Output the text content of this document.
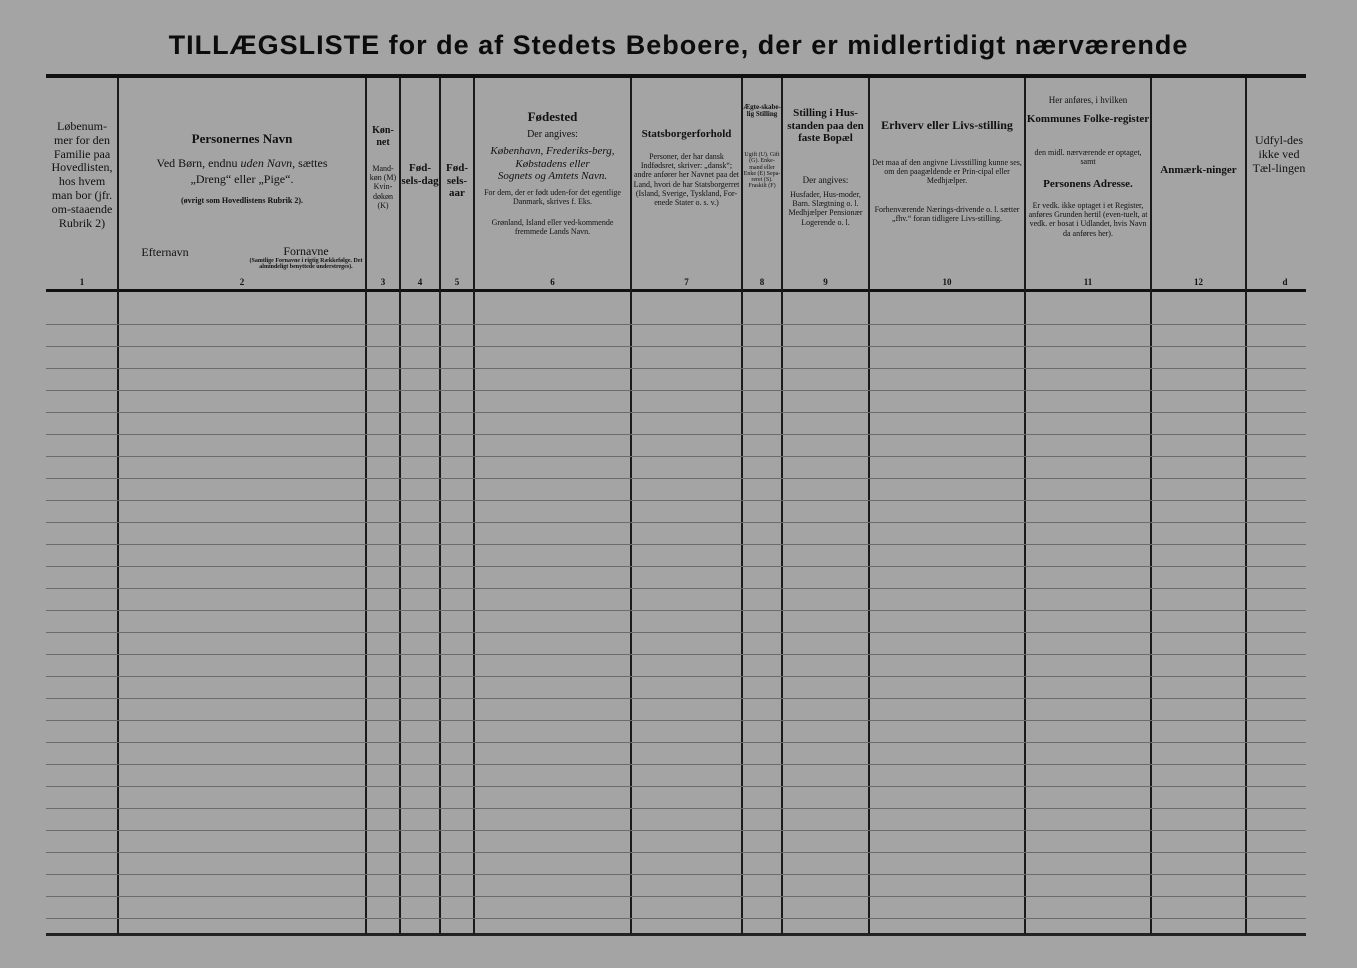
TILLÆGSLISTE for de af Stedets Beboere, der er midlertidigt nærværende
Løbenum-mer for den Familie paa Hovedlisten, hos hvem man bor (jfr. om-staaende Rubrik 2)
Personernes Navn
Ved Børn, endnu uden Navn, sættes
„Dreng“ eller „Pige“.
(øvrigt som Hovedlistens Rubrik 2).
Efternavn	Fornavne
(Samtlige Fornavne i rigtig Rækkefølge. Det almindeligt benyttede understreges).
Køn-net
Mand-køn (M) Kvin-døkøn (K)
Fød-sels-dag
Fød-sels-aar
Fødested
Der angives:
København, Frederiks-berg, Købstadens eller
Sognets og Amtets Navn.
For dem, der er født uden-for det egentlige Danmark, skrives f. Eks.
Grønland, Island eller ved-kommende fremmede Lands Navn.
Statsborgerforhold
Personer, der har dansk Indfødsret, skriver: „dansk“; andre anfører her Navnet paa det Land, hvori de har Statsborgerret (Island, Sverige, Tyskland, For-enede Stater o. s. v.)
Ægte-skabe-lig Stilling
Ugift (U). Gift (G). Enke-mand eller Enke (E) Sepa-reret (S). Fraskilt (F)
Stilling i Hus-standen paa den faste Bopæl
Der angives:
Husfader, Hus-moder, Barn. Slægtning o. l. Medhjælper Pensionær Logerende o. l.
Erhverv eller Livs-stilling
Det maa af den angivne Livsstilling kunne ses, om den paagældende er Prin-cipal eller Medhjælper.
Forhenværende Nærings-drivende o. l. sætter „fhv.“ foran tidligere Livs-stilling.
Her anføres, i hvilken
Kommunes Folke-register
den midl. nærværende er optaget, samt
Personens Adresse.
Er vedk. ikke optaget i et Register, anføres Grunden hertil (even-tuelt, at vedk. er bosat i Udlandet, hvis Navn da anføres her).
Anmærk-ninger
Udfyl-des ikke ved Tæl-lingen
1	2	3	4	5	6	7	8	9	10	11	12	d
